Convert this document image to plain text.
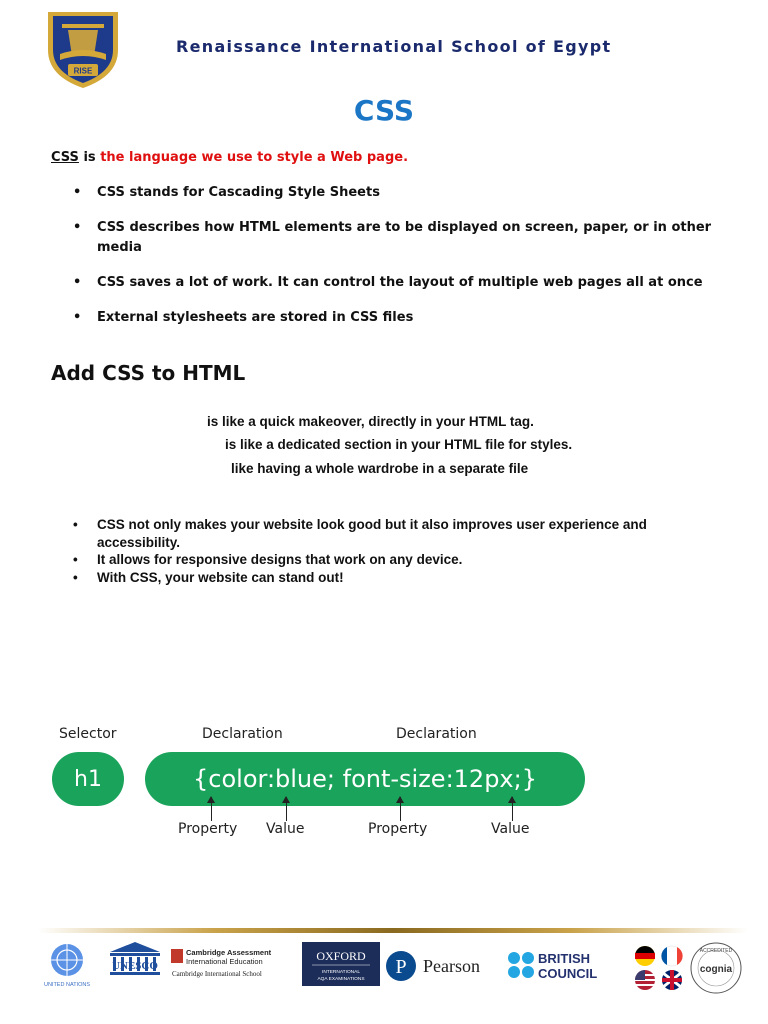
RISE
Renaissance International School of Egypt
CSS
CSS is the language we use to style a Web page.
• CSS stands for Cascading Style Sheets
• CSS describes how HTML elements are to be displayed on screen, paper, or in other media
• CSS saves a lot of work. It can control the layout of multiple web pages all at once
• External stylesheets are stored in CSS files
Add CSS to HTML
is like a quick makeover, directly in your HTML tag.
is like a dedicated section in your HTML file for styles.
like having a whole wardrobe in a separate file
• CSS not only makes your website look good but it also improves user experience and accessibility.
• It allows for responsive designs that work on any device.
• With CSS, your website can stand out!
Selector	Declaration	Declaration
h1	{color:blue; font-size:12px;}
Property Value	Property	Value
UNITED NATIONS
UNESCO
Cambridge Assessment
International Education
Cambridge International School
OXFORD
INTERNATIONAL
AQA EXAMINATIONS
P Pearson	BRITISH
COUNCIL
ACCREDITED
cognia
